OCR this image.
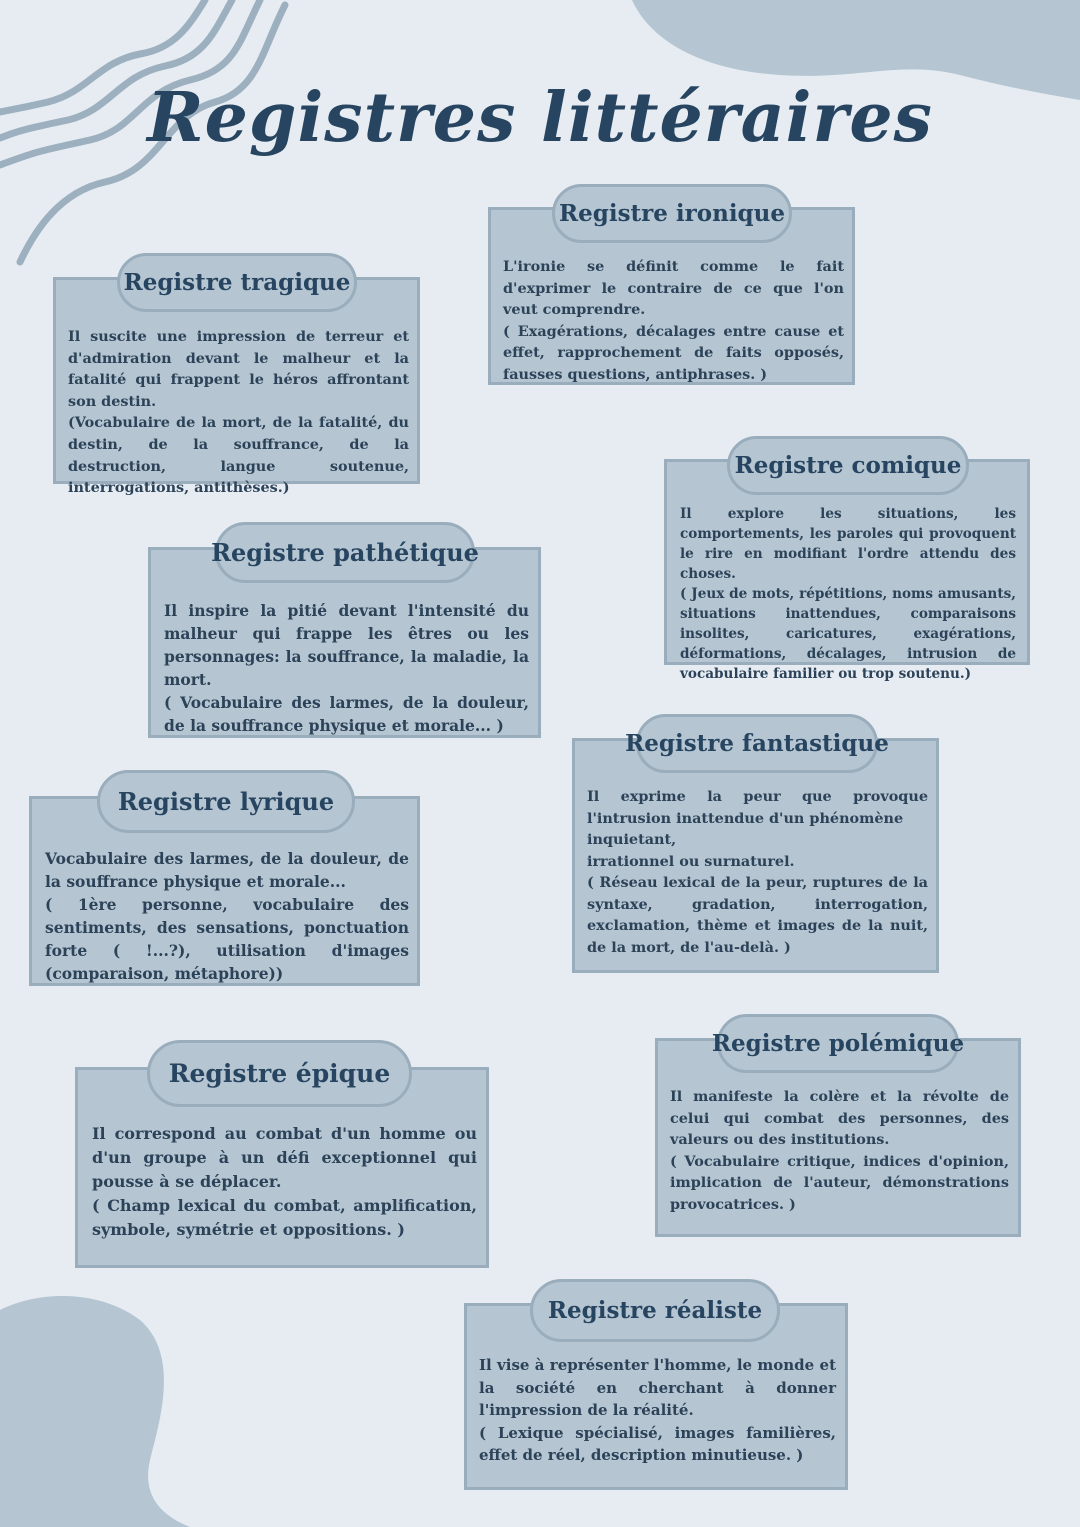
Registres littéraires
Registre tragique
Il suscite une impression de terreur et d'admiration devant le malheur et la fatalité qui frappent le héros affrontant son destin.
(Vocabulaire de la mort, de la fatalité, du destin, de la souffrance, de la destruction, langue soutenue, interrogations, antithèses.)
Registre ironique
L'ironie se définit comme le fait d'exprimer le contraire de ce que l'on veut comprendre.
( Exagérations, décalages entre cause et effet, rapprochement de faits opposés, fausses questions, antiphrases. )
Registre comique
Il explore les situations, les comportements, les paroles qui provoquent le rire en modifiant l'ordre attendu des choses.
( Jeux de mots, répétitions, noms amusants, situations inattendues, comparaisons insolites, caricatures, exagérations, déformations, décalages, intrusion de vocabulaire familier ou trop soutenu.)
Registre pathétique
Il inspire la pitié devant l'intensité du malheur qui frappe les êtres ou les personnages: la souffrance, la maladie, la mort.
( Vocabulaire des larmes, de la douleur, de la souffrance physique et morale... )
Registre fantastique
Il exprime la peur que provoque l'intrusion inattendue d'un phénomène
inquietant,
irrationnel ou surnaturel.
( Réseau lexical de la peur, ruptures de la syntaxe, gradation, interrogation, exclamation, thème et images de la nuit, de la mort, de l'au-delà. )
Registre lyrique
Vocabulaire des larmes, de la douleur, de la souffrance physique et morale...
( 1ère personne, vocabulaire des sentiments, des sensations, ponctuation forte ( !...?), utilisation d'images (comparaison, métaphore))
Registre épique
Il correspond au combat d'un homme ou d'un groupe à un défi exceptionnel qui pousse à se déplacer.
( Champ lexical du combat, amplification, symbole, symétrie et oppositions. )
Registre polémique
Il manifeste la colère et la révolte de celui qui combat des personnes, des valeurs ou des institutions.
( Vocabulaire critique, indices d'opinion, implication de l'auteur, démonstrations provocatrices. )
Registre réaliste
Il vise à représenter l'homme, le monde et la société en cherchant à donner l'impression de la réalité.
( Lexique spécialisé, images familières, effet de réel, description minutieuse. )
